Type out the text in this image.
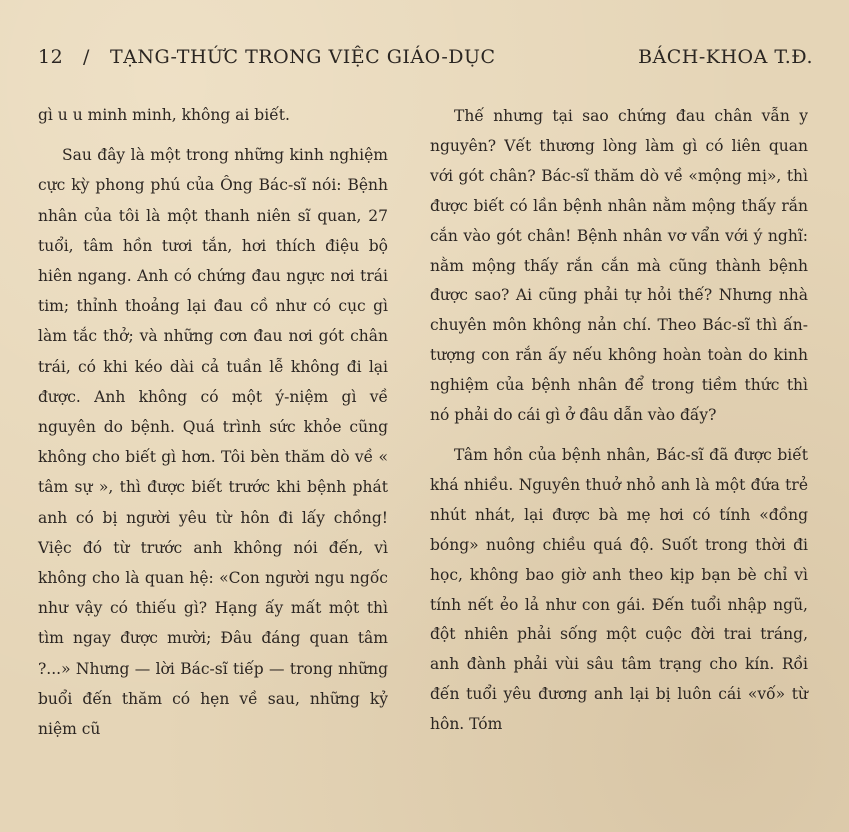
12 / TẠNG-THỨC TRONG VIỆC GIÁO-DỤC	BÁCH-KHOA T.Đ.

gì u u minh minh, không ai biết.

Sau đây là một trong những kinh nghiệm cực kỳ phong phú của Ông Bác-sĩ nói: Bệnh nhân của tôi là một thanh niên sĩ quan, 27 tuổi, tâm hồn tươi tắn, hơi thích điệu bộ hiên ngang. Anh có chứng đau ngực nơi trái tim; thỉnh thoảng lại đau cồ như có cục gì làm tắc thở; và những cơn đau nơi gót chân trái, có khi kéo dài cả tuần lễ không đi lại được. Anh không có một ý-niệm gì về nguyên do bệnh. Quá trình sức khỏe cũng không cho biết gì hơn. Tôi bèn thăm dò về « tâm sự », thì được biết trước khi bệnh phát anh có bị người yêu từ hôn đi lấy chồng! Việc đó từ trước anh không nói đến, vì không cho là quan hệ: «Con người ngu ngốc như vậy có thiếu gì? Hạng ấy mất một thì tìm ngay được mười; Đâu đáng quan tâm ?...» Nhưng — lời Bác-sĩ tiếp — trong những buổi đến thăm có hẹn về sau, những kỷ niệm cũ

Thế nhưng tại sao chứng đau chân vẫn y nguyên? Vết thương lòng làm gì có liên quan với gót chân? Bác-sĩ thăm dò về «mộng mị», thì được biết có lần bệnh nhân nằm mộng thấy rắn cắn vào gót chân! Bệnh nhân vơ vẩn với ý nghĩ: nằm mộng thấy rắn cắn mà cũng thành bệnh được sao? Ai cũng phải tự hỏi thế? Nhưng nhà chuyên môn không nản chí. Theo Bác-sĩ thì ấn-tượng con rắn ấy nếu không hoàn toàn do kinh nghiệm của bệnh nhân để trong tiềm thức thì nó phải do cái gì ở đâu dẫn vào đấy?

Tâm hồn của bệnh nhân, Bác-sĩ đã được biết khá nhiều. Nguyên thuở nhỏ anh là một đứa trẻ nhút nhát, lại được bà mẹ hơi có tính «đồng bóng» nuông chiều quá độ. Suốt trong thời đi học, không bao giờ anh theo kịp bạn bè chỉ vì tính nết ẻo lả như con gái. Đến tuổi nhập ngũ, đột nhiên phải sống một cuộc đời trai tráng, anh đành phải vùi sâu tâm trạng cho kín. Rồi đến tuổi yêu đương anh lại bị luôn cái «vố» từ hôn. Tóm
